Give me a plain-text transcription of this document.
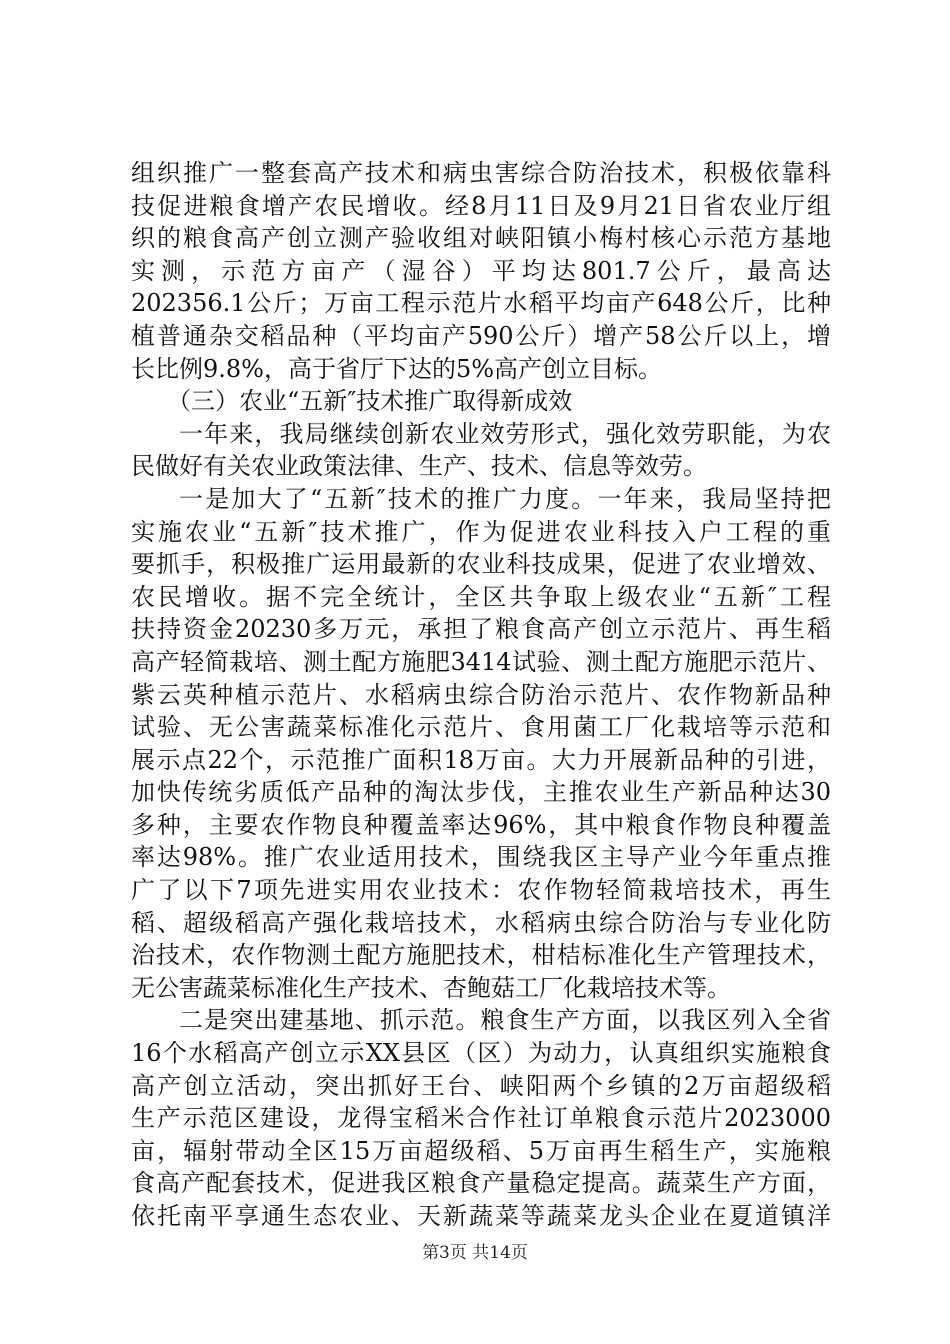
组织推广一整套高产技术和病虫害综合防治技术，积极依靠科
技促进粮食增产农民增收。经8月11日及9月21日省农业厅组
织的粮食高产创立测产验收组对峡阳镇小梅村核心示范方基地
实测，示范方亩产（湿谷）平均达801.7公斤，最高达
202356.1公斤；万亩工程示范片水稻平均亩产648公斤，比种
植普通杂交稻品种（平均亩产590公斤）增产58公斤以上，增
长比例9.8%，高于省厅下达的5%高产创立目标。
（三）农业“五新″技术推广取得新成效
一年来，我局继续创新农业效劳形式，强化效劳职能，为农
民做好有关农业政策法律、生产、技术、信息等效劳。
一是加大了“五新″技术的推广力度。一年来，我局坚持把
实施农业“五新″技术推广，作为促进农业科技入户工程的重
要抓手，积极推广运用最新的农业科技成果，促进了农业增效、
农民增收。据不完全统计，全区共争取上级农业“五新″工程
扶持资金20230多万元，承担了粮食高产创立示范片、再生稻
高产轻简栽培、测土配方施肥3414试验、测土配方施肥示范片、
紫云英种植示范片、水稻病虫综合防治示范片、农作物新品种
试验、无公害蔬菜标准化示范片、食用菌工厂化栽培等示范和
展示点22个，示范推广面积18万亩。大力开展新品种的引进，
加快传统劣质低产品种的淘汰步伐，主推农业生产新品种达30
多种，主要农作物良种覆盖率达96%，其中粮食作物良种覆盖
率达98%。推广农业适用技术，围绕我区主导产业今年重点推
广了以下7项先进实用农业技术：农作物轻简栽培技术，再生
稻、超级稻高产强化栽培技术，水稻病虫综合防治与专业化防
治技术，农作物测土配方施肥技术，柑桔标准化生产管理技术，
无公害蔬菜标准化生产技术、杏鲍菇工厂化栽培技术等。
二是突出建基地、抓示范。粮食生产方面，以我区列入全省
16个水稻高产创立示XX县区（区）为动力，认真组织实施粮食
高产创立活动，突出抓好王台、峡阳两个乡镇的2万亩超级稻
生产示范区建设，龙得宝稻米合作社订单粮食示范片2023000
亩，辐射带动全区15万亩超级稻、5万亩再生稻生产，实施粮
食高产配套技术，促进我区粮食产量稳定提高。蔬菜生产方面，
依托南平享通生态农业、天新蔬菜等蔬菜龙头企业在夏道镇洋
第3页 共14页
